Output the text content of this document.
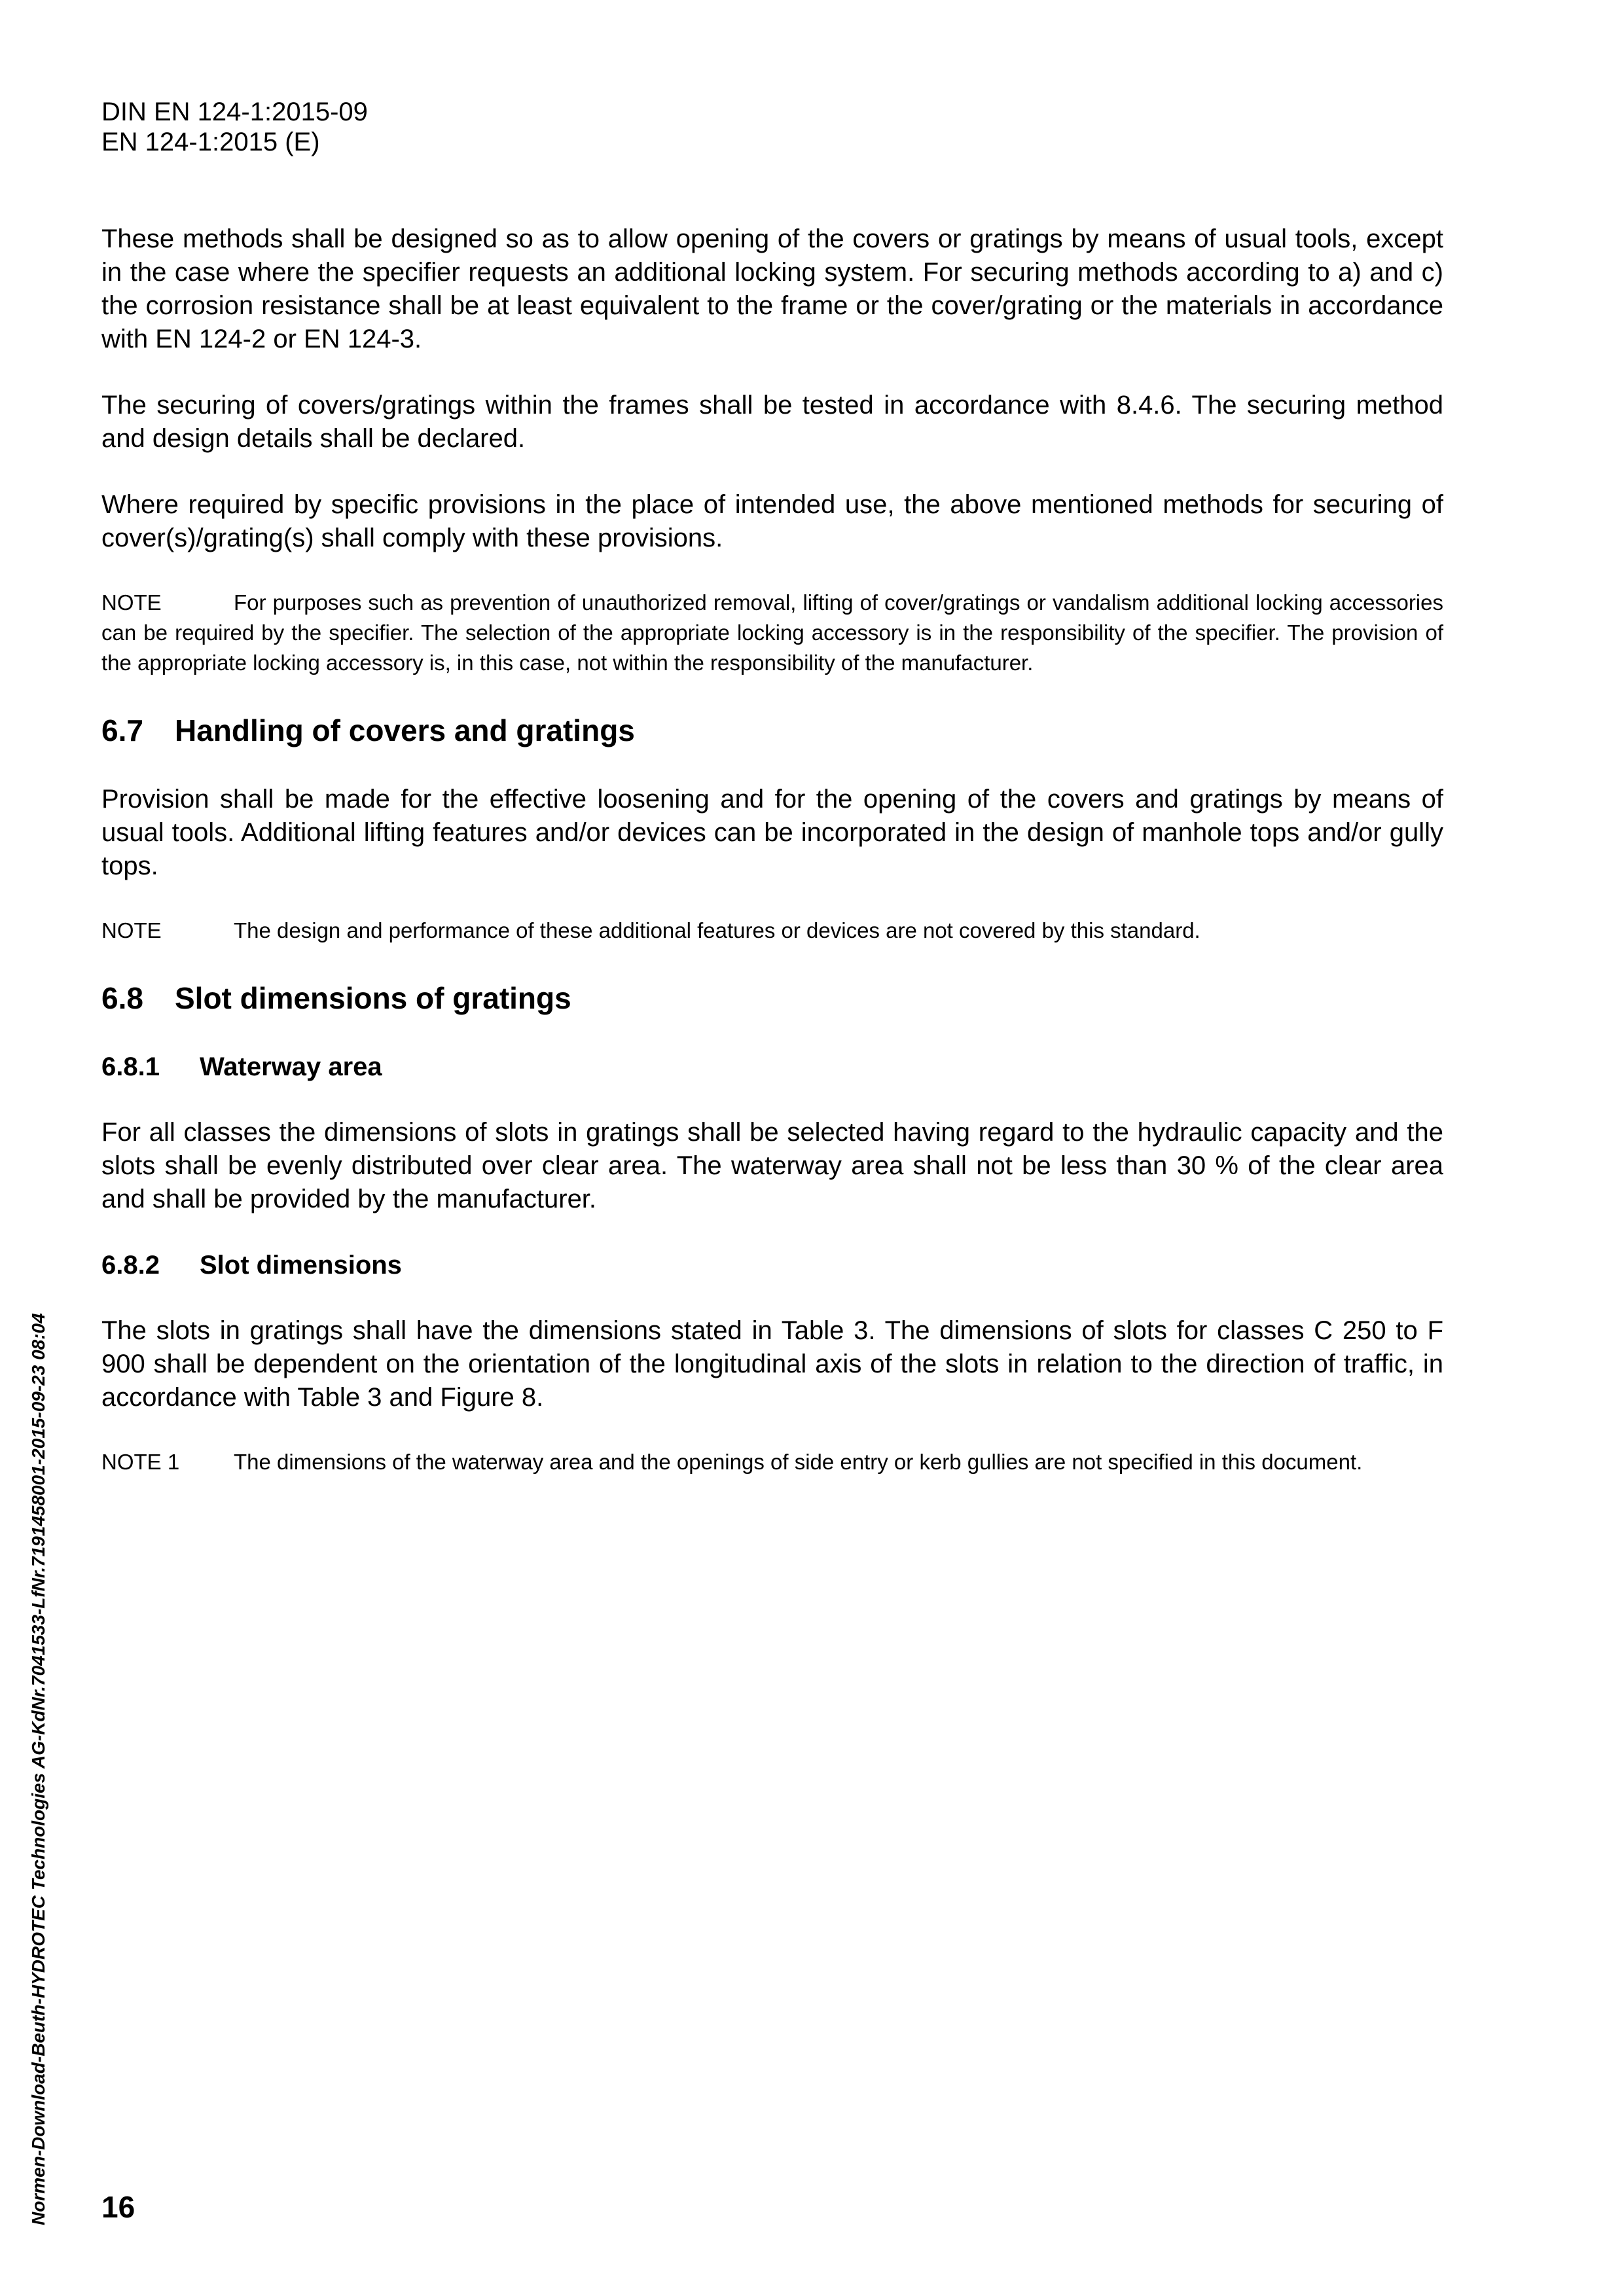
DIN EN 124-1:2015-09
EN 124-1:2015 (E)

These methods shall be designed so as to allow opening of the covers or gratings by means of usual tools, except in the case where the specifier requests an additional locking system. For securing methods according to a) and c) the corrosion resistance shall be at least equivalent to the frame or the cover/grating or the materials in accordance with EN 124-2 or EN 124-3.

The securing of covers/gratings within the frames shall be tested in accordance with 8.4.6. The securing method and design details shall be declared.

Where required by specific provisions in the place of intended use, the above mentioned methods for securing of cover(s)/grating(s) shall comply with these provisions.

NOTE	For purposes such as prevention of unauthorized removal, lifting of cover/gratings or vandalism additional locking accessories can be required by the specifier. The selection of the appropriate locking accessory is in the responsibility of the specifier. The provision of the appropriate locking accessory is, in this case, not within the responsibility of the manufacturer.

6.7 Handling of covers and gratings

Provision shall be made for the effective loosening and for the opening of the covers and gratings by means of usual tools. Additional lifting features and/or devices can be incorporated in the design of manhole tops and/or gully tops.

NOTE	The design and performance of these additional features or devices are not covered by this standard.

6.8 Slot dimensions of gratings
6.8.1 Waterway area

For all classes the dimensions of slots in gratings shall be selected having regard to the hydraulic capacity and the slots shall be evenly distributed over clear area. The waterway area shall not be less than 30 % of the clear area and shall be provided by the manufacturer.

6.8.2 Slot dimensions

The slots in gratings shall have the dimensions stated in Table 3. The dimensions of slots for classes C 250 to F 900 shall be dependent on the orientation of the longitudinal axis of the slots in relation to the direction of traffic, in accordance with Table 3 and Figure 8.

NOTE 1	The dimensions of the waterway area and the openings of side entry or kerb gullies are not specified in this document.

Normen-Download-Beuth-HYDROTEC Technologies AG-KdNr.7041533-LfNr.7191458001-2015-09-23 08:04 16
